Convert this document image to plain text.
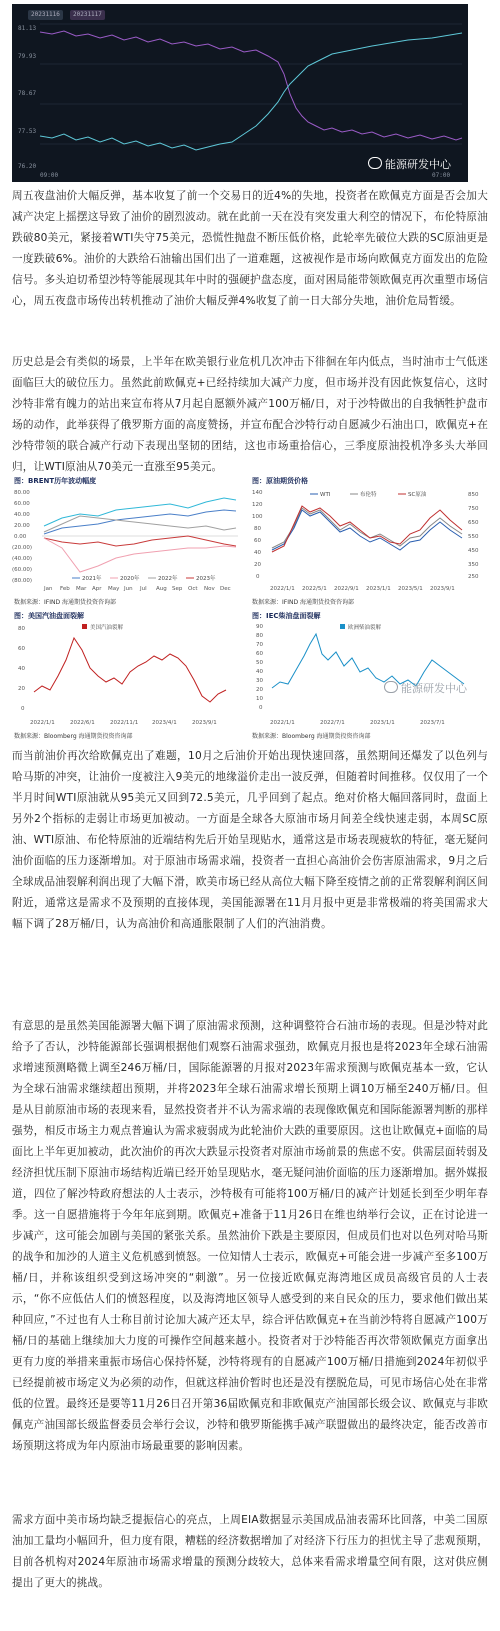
20231116	20231117
81.13
79.93
78.67
77.53
76.20
09:00	07:00
能源研发中心
周五夜盘油价大幅反弹，基本收复了前一个交易日的近4%的失地，投资者在欧佩克方面是否会加大减产决定上摇摆这导致了油价的剧烈波动。就在此前一天在没有突发重大利空的情况下，布伦特原油跌破80美元，紧接着WTI失守75美元，恐慌性抛盘不断压低价格，此轮率先破位大跌的SC原油更是一度跌破6%。油价的大跌给石油输出国们出了一道难题，这被视作是市场向欧佩克方面发出的危险信号。多头迫切希望沙特等能展现其年中时的强硬护盘态度，面对困局能带领欧佩克再次重塑市场信心，周五夜盘市场传出转机推动了油价大幅反弹4%收复了前一日大部分失地，油价危局暂缓。
历史总是会有类似的场景，上半年在欧美银行业危机几次冲击下徘徊在年内低点，当时油市士气低迷面临巨大的破位压力。虽然此前欧佩克+已经持续加大减产力度，但市场并没有因此恢复信心，这时沙特非常有魄力的站出来宣布将从7月起自愿额外减产100万桶/日，对于沙特做出的自我牺牲护盘市场的动作，此举获得了俄罗斯方面的高度赞扬，并宣布配合沙特行动自愿减少石油出口，欧佩克+在沙特带领的联合减产行动下表现出坚韧的团结，这也市场重拾信心，三季度原油投机净多头大举回归，让WTI原油从70美元一直涨至95美元。
图：BRENT历年波动幅度
80.00
60.00
40.00
20.00
0.00
(20.00)
(40.00)
(60.00)
(80.00)
Jan Feb Mar Apr May Jun Jul Aug Sep Oct Nov Dec
2021年	2020年	2022年	2023年
数据来源：IFIND 海通期货投资咨询部
图：原油期货价格
140
120
100
80
60
40
20
0
850
750
650
550
450
350
250
2022/1/1 2022/5/1 2022/9/1 2023/1/1 2023/5/1 2023/9/1
WTI	布伦特	SC原油
数据来源：IFIND 海通期货投资咨询部
图：美国汽油盘面裂解
80
60
40
20
0
2022/1/1	2022/6/1	2022/11/1	2023/4/1	2023/9/1
美国汽油裂解
数据来源：Bloomberg 海通期货投资咨询部
图：IEC柴油盘面裂解
90
80
70
60
50
40
30
20
10
0
2022/1/1	2022/7/1	2023/1/1	2023/7/1
欧洲柴油裂解
数据来源：Bloomberg 海通期货投资咨询部
能源研发中心
而当前油价再次给欧佩克出了难题，10月之后油价开始出现快速回落，虽然期间还爆发了以色列与哈马斯的冲突，让油价一度被注入9美元的地缘溢价走出一波反弹，但随着时间推移。仅仅用了一个半月时间WTI原油就从95美元又回到72.5美元，几乎回到了起点。绝对价格大幅回落同时，盘面上另外2个指标的走弱让市场更加被动。一方面是全球各大原油市场月间差全线快速走弱，本周SC原油、WTI原油、布伦特原油的近端结构先后开始呈现贴水，通常这是市场表现疲软的特征，毫无疑问油价面临的压力逐渐增加。对于原油市场需求端，投资者一直担心高油价会伤害原油需求，9月之后全球成品油裂解利润出现了大幅下滑，欧美市场已经从高位大幅下降至疫情之前的正常裂解利润区间附近，通常这是需求不及预期的直接体现，美国能源署在11月月报中更是非常极端的将美国需求大幅下调了28万桶/日，认为高油价和高通胀限制了人们的汽油消费。
有意思的是虽然美国能源署大幅下调了原油需求预测，这种调整符合石油市场的表现。但是沙特对此给予了否认，沙特能源部长强调根据他们观察石油需求强劲，欧佩克月报也是将2023年全球石油需求增速预测略微上调至246万桶/日，国际能源署的月报对2023年需求预测与欧佩克基本一致，它认为全球石油需求继续超出预期，并将2023年全球石油需求增长预期上调10万桶至240万桶/日。但是从目前原油市场的表现来看，显然投资者并不认为需求端的表现像欧佩克和国际能源署判断的那样强势，相反市场主力观点普遍认为需求疲弱成为此轮油价大跌的重要原因。这也让欧佩克+面临的局面比上半年更加被动，此次油价的再次大跌显示投资者对原油市场前景的焦虑不安。供需层面转弱及经济担忧压制下原油市场结构近端已经开始呈现贴水，毫无疑问油价面临的压力逐渐增加。据外媒报道，四位了解沙特政府想法的人士表示，沙特极有可能将100万桶/日的减产计划延长到至少明年春季。这一自愿措施将于今年年底到期。欧佩克+准备于11月26日在维也纳举行会议，正在讨论进一步减产，这可能会加剧与美国的紧张关系。虽然油价下跌是主要原因，但成员们也对以色列对哈马斯的战争和加沙的人道主义危机感到愤怒。一位知情人士表示，欧佩克+可能会进一步减产至多100万桶/日，并称该组织受到这场冲突的“刺激”。另一位接近欧佩克海湾地区成员高级官员的人士表示，“你不应低估人们的愤怒程度，以及海湾地区领导人感受到的来自民众的压力，要求他们做出某种回应，”不过也有人士称目前讨论加大减产还太早，综合评估欧佩克+在当前沙特将自愿减产100万桶/日的基础上继续加大力度的可操作空间越来越小。投资者对于沙特能否再次带领欧佩克方面拿出更有力度的举措来重振市场信心保持怀疑，沙特将现有的自愿减产100万桶/日措施到2024年初似乎已经提前被市场定义为必须的动作，但就这样油价暂时也还是没有摆脱危局，可见市场信心处在非常低的位置。最终还是要等11月26日召开第36届欧佩克和非欧佩克产油国部长级会议、欧佩克与非欧佩克产油国部长级监督委员会举行会议，沙特和俄罗斯能携手减产联盟做出的最终决定，能否改善市场预期这将成为年内原油市场最重要的影响因素。
需求方面中美市场均缺乏提振信心的亮点，上周EIA数据显示美国成品油表需环比回落，中美二国原油加工量均小幅回升，但力度有限，糟糕的经济数据增加了对经济下行压力的担忧主导了悲观预期，目前各机构对2024年原油市场需求增量的预测分歧较大，总体来看需求增量空间有限，这对供应侧提出了更大的挑战。
